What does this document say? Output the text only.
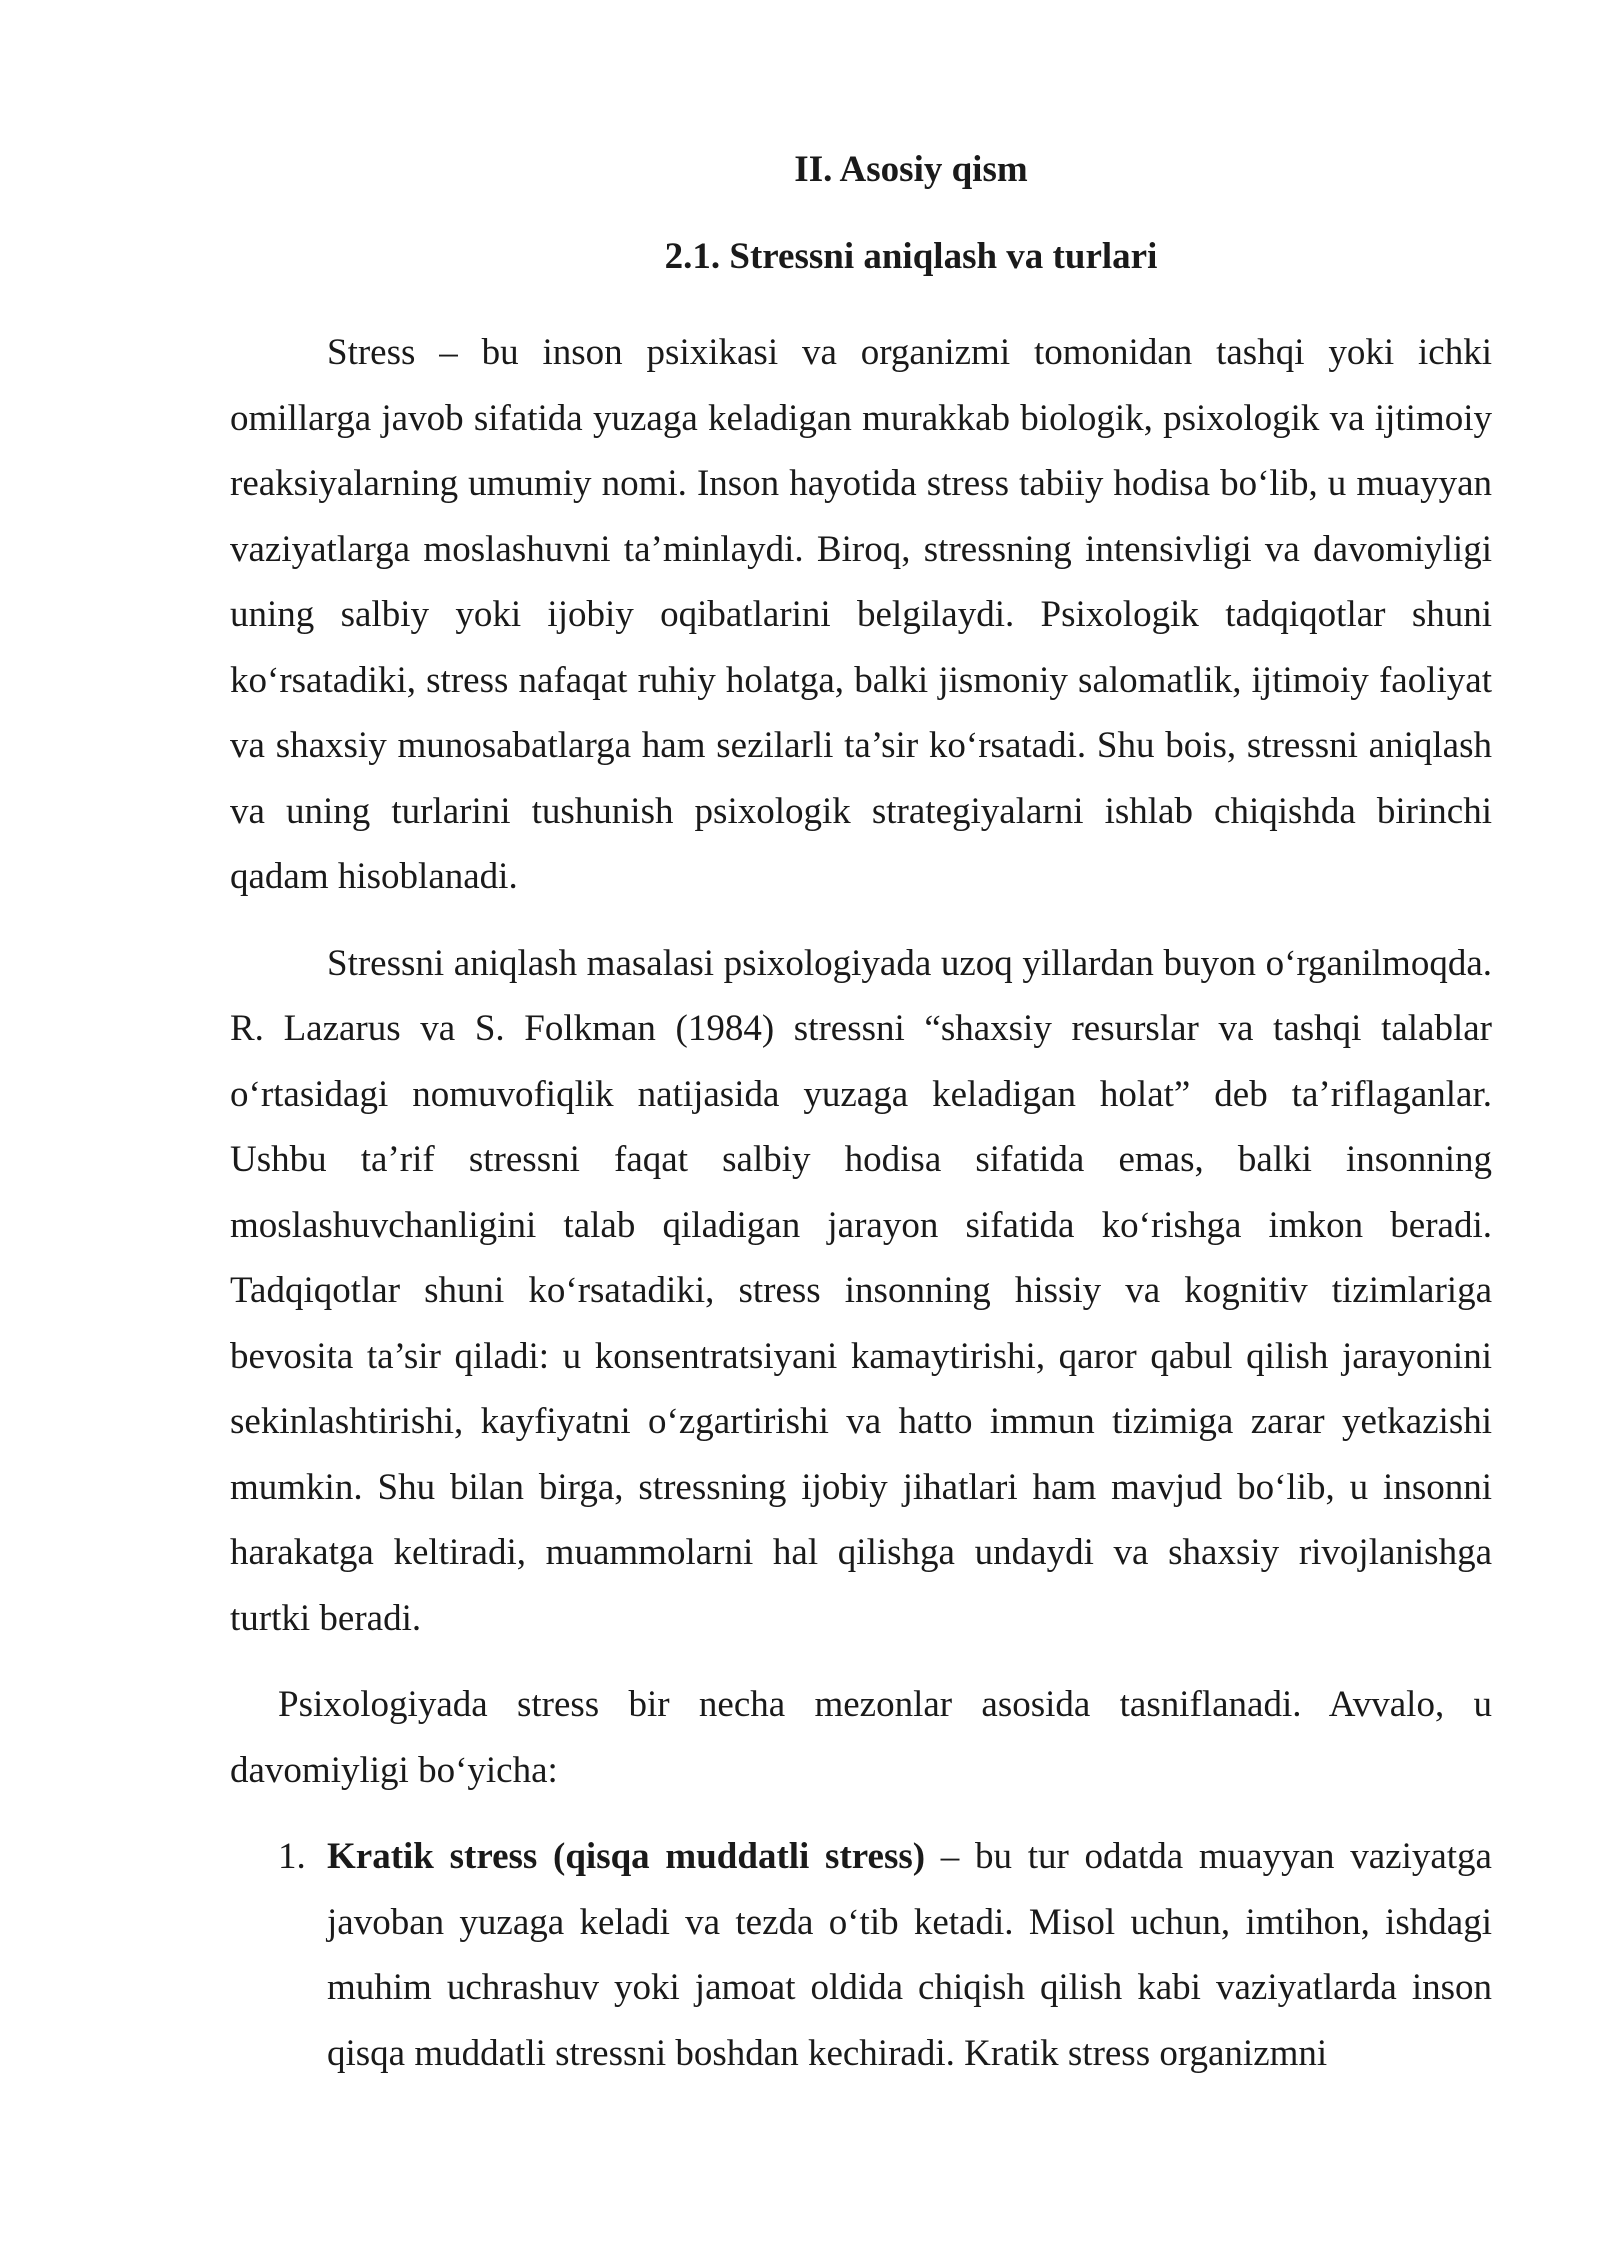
II. Asosiy qism
2.1. Stressni aniqlash va turlari

Stress – bu inson psixikasi va organizmi tomonidan tashqi yoki ichki omillarga javob sifatida yuzaga keladigan murakkab biologik, psixologik va ijtimoiy reaksiyalarning umumiy nomi. Inson hayotida stress tabiiy hodisa bo‘lib, u muayyan vaziyatlarga moslashuvni ta’minlaydi. Biroq, stressning intensivligi va davomiyligi uning salbiy yoki ijobiy oqibatlarini belgilaydi. Psixologik tadqiqotlar shuni ko‘rsatadiki, stress nafaqat ruhiy holatga, balki jismoniy salomatlik, ijtimoiy faoliyat va shaxsiy munosabatlarga ham sezilarli ta’sir ko‘rsatadi. Shu bois, stressni aniqlash va uning turlarini tushunish psixologik strategiyalarni ishlab chiqishda birinchi qadam hisoblanadi.

Stressni aniqlash masalasi psixologiyada uzoq yillardan buyon o‘rganilmoqda. R. Lazarus va S. Folkman (1984) stressni “shaxsiy resurslar va tashqi talablar o‘rtasidagi nomuvofiqlik natijasida yuzaga keladigan holat” deb ta’riflaganlar. Ushbu ta’rif stressni faqat salbiy hodisa sifatida emas, balki insonning moslashuvchanligini talab qiladigan jarayon sifatida ko‘rishga imkon beradi. Tadqiqotlar shuni ko‘rsatadiki, stress insonning hissiy va kognitiv tizimlariga bevosita ta’sir qiladi: u konsentratsiyani kamaytirishi, qaror qabul qilish jarayonini sekinlashtirishi, kayfiyatni o‘zgartirishi va hatto immun tizimiga zarar yetkazishi mumkin. Shu bilan birga, stressning ijobiy jihatlari ham mavjud bo‘lib, u insonni harakatga keltiradi, muammolarni hal qilishga undaydi va shaxsiy rivojlanishga turtki beradi.

Psixologiyada stress bir necha mezonlar asosida tasniflanadi. Avvalo, u davomiyligi bo‘yicha:

1. Kratik stress (qisqa muddatli stress) – bu tur odatda muayyan vaziyatga javoban yuzaga keladi va tezda o‘tib ketadi. Misol uchun, imtihon, ishdagi muhim uchrashuv yoki jamoat oldida chiqish qilish kabi vaziyatlarda inson qisqa muddatli stressni boshdan kechiradi. Kratik stress organizmni
